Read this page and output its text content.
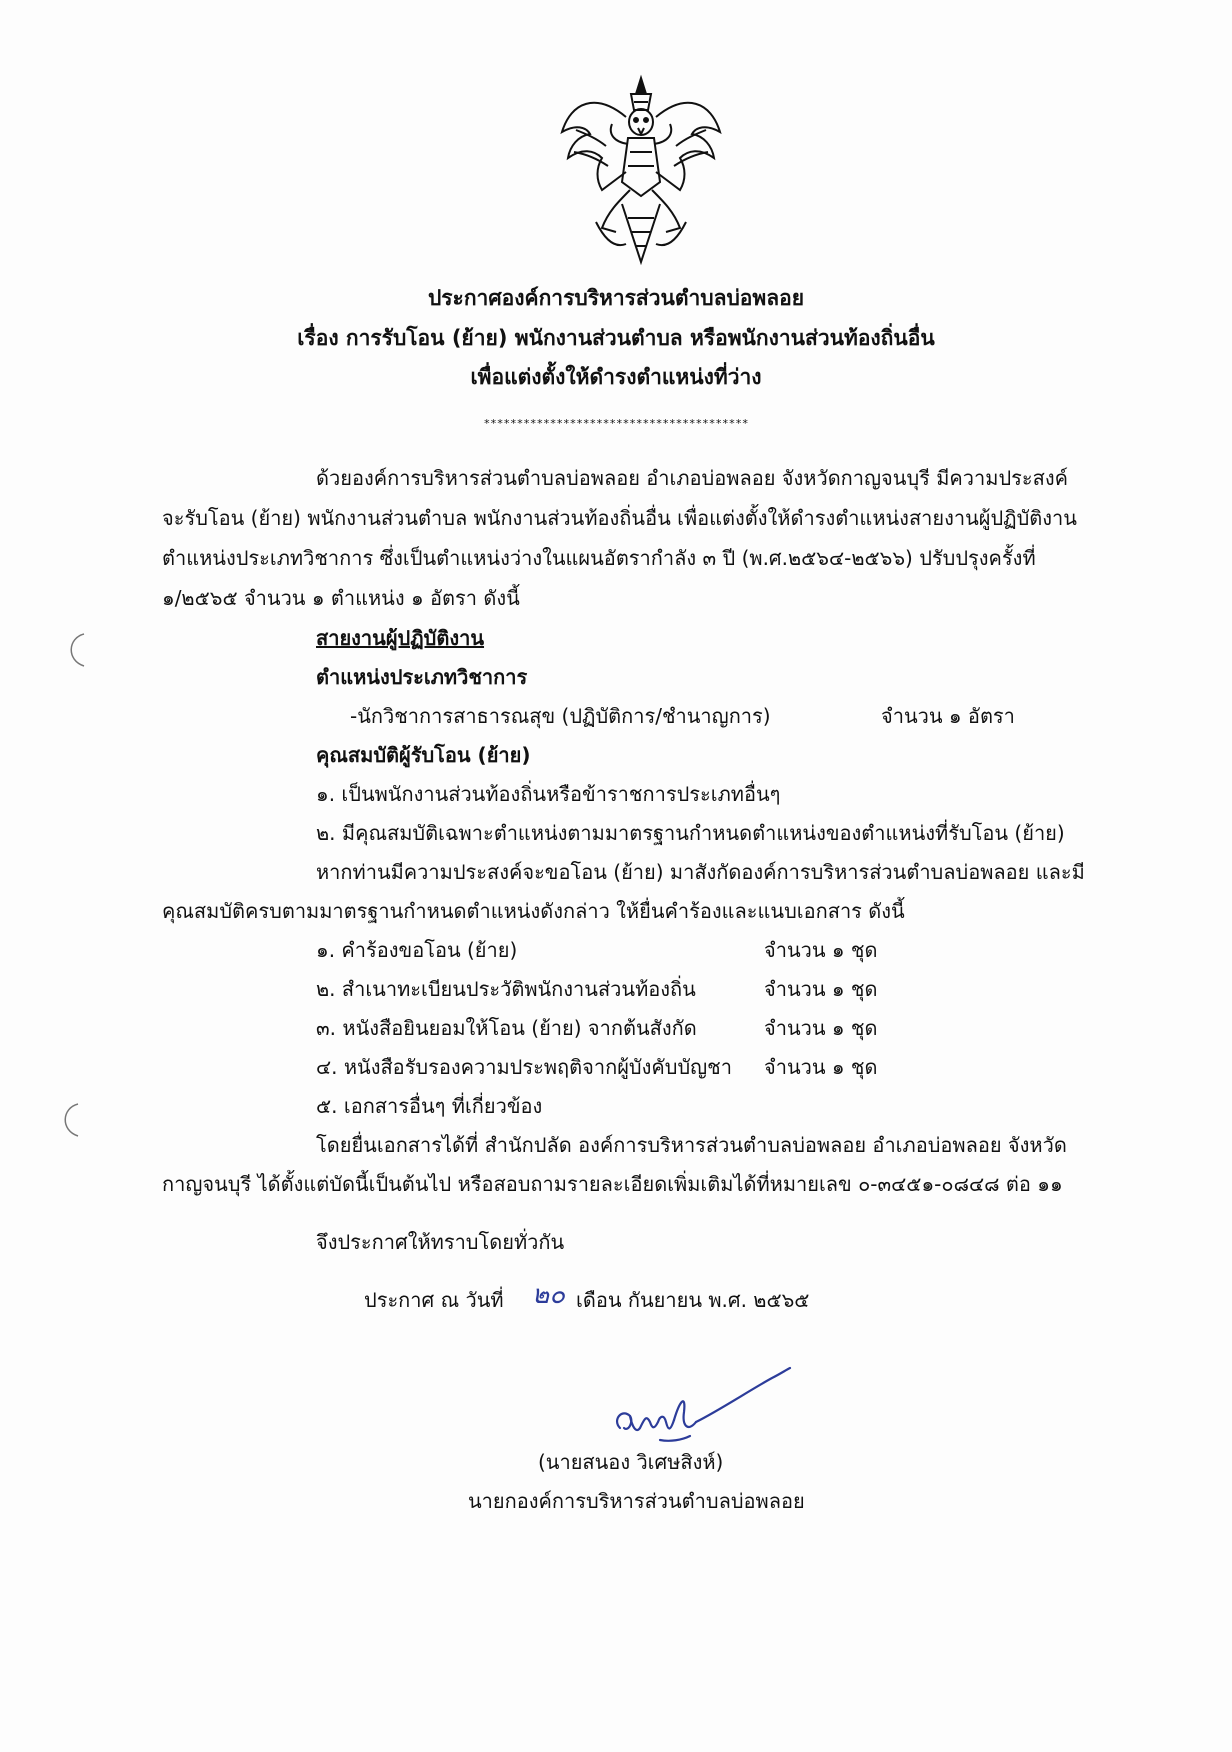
ประกาศองค์การบริหารส่วนตำบลบ่อพลอย
เรื่อง การรับโอน (ย้าย) พนักงานส่วนตำบล หรือพนักงานส่วนท้องถิ่นอื่น
เพื่อแต่งตั้งให้ดำรงตำแหน่งที่ว่าง
****************************************
ด้วยองค์การบริหารส่วนตำบลบ่อพลอย อำเภอบ่อพลอย จังหวัดกาญจนบุรี มีความประสงค์
จะรับโอน (ย้าย) พนักงานส่วนตำบล พนักงานส่วนท้องถิ่นอื่น เพื่อแต่งตั้งให้ดำรงตำแหน่งสายงานผู้ปฏิบัติงาน
ตำแหน่งประเภทวิชาการ ซึ่งเป็นตำแหน่งว่างในแผนอัตรากำลัง ๓ ปี (พ.ศ.๒๕๖๔-๒๕๖๖) ปรับปรุงครั้งที่
๑/๒๕๖๕ จำนวน ๑ ตำแหน่ง ๑ อัตรา ดังนี้
สายงานผู้ปฏิบัติงาน
ตำแหน่งประเภทวิชาการ
-นักวิชาการสาธารณสุข (ปฏิบัติการ/ชำนาญการ)	จำนวน ๑ อัตรา
คุณสมบัติผู้รับโอน (ย้าย)
๑. เป็นพนักงานส่วนท้องถิ่นหรือข้าราชการประเภทอื่นๆ
๒. มีคุณสมบัติเฉพาะตำแหน่งตามมาตรฐานกำหนดตำแหน่งของตำแหน่งที่รับโอน (ย้าย)
หากท่านมีความประสงค์จะขอโอน (ย้าย) มาสังกัดองค์การบริหารส่วนตำบลบ่อพลอย และมี
คุณสมบัติครบตามมาตรฐานกำหนดตำแหน่งดังกล่าว ให้ยื่นคำร้องและแนบเอกสาร ดังนี้
๑. คำร้องขอโอน (ย้าย)	จำนวน ๑ ชุด
๒. สำเนาทะเบียนประวัติพนักงานส่วนท้องถิ่น	จำนวน ๑ ชุด
๓. หนังสือยินยอมให้โอน (ย้าย) จากต้นสังกัด	จำนวน ๑ ชุด
๔. หนังสือรับรองความประพฤติจากผู้บังคับบัญชา จำนวน ๑ ชุด
๕. เอกสารอื่นๆ ที่เกี่ยวข้อง
โดยยื่นเอกสารได้ที่ สำนักปลัด องค์การบริหารส่วนตำบลบ่อพลอย อำเภอบ่อพลอย จังหวัด
กาญจนบุรี ได้ตั้งแต่บัดนี้เป็นต้นไป หรือสอบถามรายละเอียดเพิ่มเติมได้ที่หมายเลข ๐-๓๔๕๑-๐๘๔๘ ต่อ ๑๑
จึงประกาศให้ทราบโดยทั่วกัน
ประกาศ ณ วันที่ ๒๐ เดือน กันยายน พ.ศ. ๒๕๖๕
(นายสนอง วิเศษสิงห์)
นายกองค์การบริหารส่วนตำบลบ่อพลอย
